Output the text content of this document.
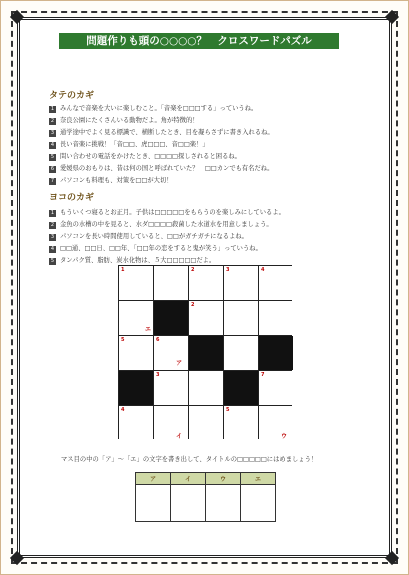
問題作りも頭の○○○○？　クロスワードパズル
タテのカギ
1 みんなで音楽を大いに楽しむこと。「音楽を□□□する」っていうね。
2 奈良公園にたくさんいる動物だよ。角が特徴的！
3 通学途中でよく見る標識で、横断したとき、目を凝らさずに書き入れるね。
4 長い音楽に挑戦！「音□□、虎□□□、音□□楽！」
5 問い合わせの電話をかけたとき、□□□□探しされると困るね。
6 愛媛県のおもりは、昔は何の国と呼ばれていた？　□□カンでも有名だね。
7 パソコンも料理も、対策を□□が大切！
ヨコのカギ
1 もういくつ寝るとお正月。子供は□□□□□をもらうのを楽しみにしているよ。
2 金魚の水槽の中を見ると、水ダ□□□□殺菌した水道水を用意しましょう。
3 パソコンを長い時間使用していると、□□がガチガチになるよね。
4 □□通、□□日、□□年、「□□年の恋をすると鬼が笑う」っていうね。
5 タンパク質、脂肪、炭水化物は、５大□□□□□だよ。
1	2	3	4
エ
2
5	6
ア
3	7
4
イ
5
ウ
マス目の中の「ア」～「エ」の文字を書き出して、タイトルの□□□□□にはめましょう！
ア	イ	ウ	エ
